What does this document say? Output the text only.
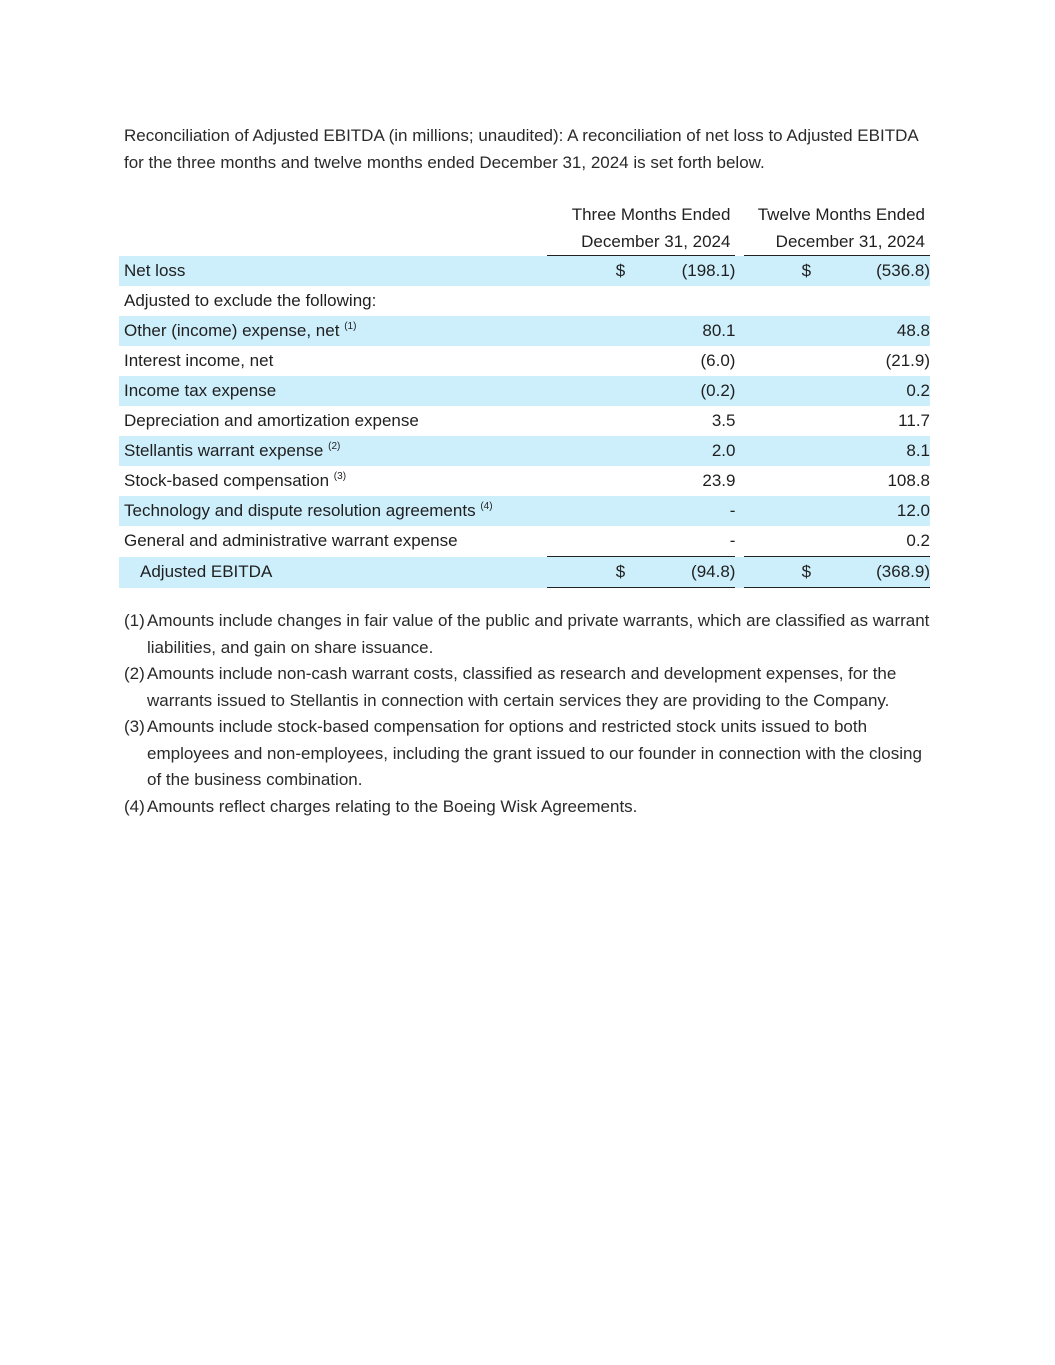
Reconciliation of Adjusted EBITDA (in millions; unaudited): A reconciliation of net loss to Adjusted EBITDA for the three months and twelve months ended December 31, 2024 is set forth below.

	Three Months Ended			Twelve Months Ended	
	December 31, 2024			December 31, 2024	
Net loss	$	(198.1)		$	(536.8)
Adjusted to exclude the following:					
Other (income) expense, net $^{(1)}$		80.1			48.8
Interest income, net		(6.0)			(21.9)
Income tax expense		(0.2)			0.2
Depreciation and amortization expense		3.5			11.7
Stellantis warrant expense $^{(2)}$		2.0			8.1
Stock-based compensation $^{(3)}$		23.9			108.8
Technology and dispute resolution agreements $^{(4)}$		-			12.0
General and administrative warrant expense		-			0.2
Adjusted EBITDA	$	(94.8)		$	(368.9)
(1) Amounts include changes in fair value of the public and private warrants, which are classified as warrant liabilities, and gain on share issuance.
(2) Amounts include non-cash warrant costs, classified as research and development expenses, for the warrants issued to Stellantis in connection with certain services they are providing to the Company.
(3) Amounts include stock-based compensation for options and restricted stock units issued to both employees and non-employees, including the grant issued to our founder in connection with the closing of the business combination.
(4) Amounts reflect charges relating to the Boeing Wisk Agreements.
